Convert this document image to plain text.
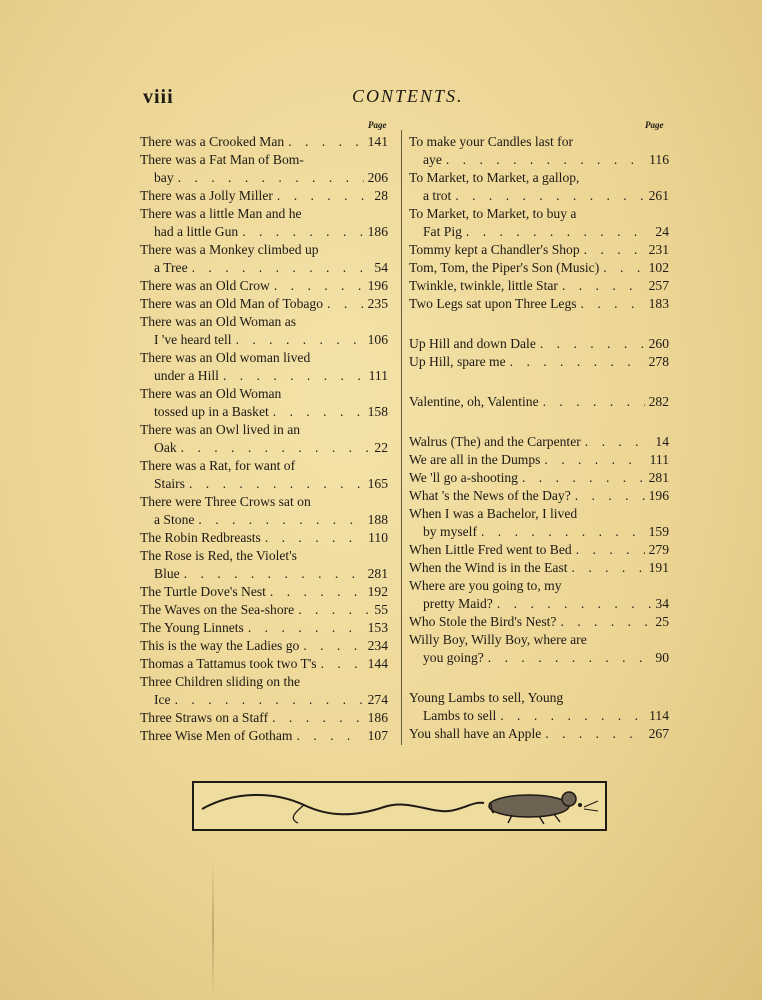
viii	CONTENTS.
Page	Page
There was a Crooked Man . . .	141
There was a Fat Man of Bom-
bay . . .	206
There was a Jolly Miller . . .	28
There was a little Man and he
had a little Gun . . .	186
There was a Monkey climbed up
a Tree . . .	54
There was an Old Crow . . .	196
There was an Old Man of Tobago . . .	235
There was an Old Woman as
I 've heard tell . . .	106
There was an Old woman lived
under a Hill . . .	111
There was an Old Woman
tossed up in a Basket . . .	158
There was an Owl lived in an
Oak . . .	22
There was a Rat, for want of
Stairs . . .	165
There were Three Crows sat on
a Stone . . .	188
The Robin Redbreasts . . .	110
The Rose is Red, the Violet's
Blue . . .	281
The Turtle Dove's Nest . . .	192
The Waves on the Sea-shore . . .	55
The Young Linnets . . .	153
This is the way the Ladies go . . .	234
Thomas a Tattamus took two T's . . .	144
Three Children sliding on the
Ice . . .	274
Three Straws on a Staff . . .	186
Three Wise Men of Gotham . . .	107
To make your Candles last for
aye . . .	116
To Market, to Market, a gallop,
a trot . . .	261
To Market, to Market, to buy a
Fat Pig . . .	24
Tommy kept a Chandler's Shop . . .	231
Tom, Tom, the Piper's Son (Music) . . .	102
Twinkle, twinkle, little Star . . .	257
Two Legs sat upon Three Legs . . .	183
Up Hill and down Dale . . .	260
Up Hill, spare me . . .	278
Valentine, oh, Valentine . . .	282
Walrus (The) and the Carpenter . . .	14
We are all in the Dumps . . .	111
We 'll go a-shooting . . .	281
What 's the News of the Day? . . .	196
When I was a Bachelor, I lived
by myself . . .	159
When Little Fred went to Bed . . .	279
When the Wind is in the East . . .	191
Where are you going to, my
pretty Maid? . . .	34
Who Stole the Bird's Nest? . . .	25
Willy Boy, Willy Boy, where are
you going? . . .	90
Young Lambs to sell, Young
Lambs to sell . . .	114
You shall have an Apple . . .	267
